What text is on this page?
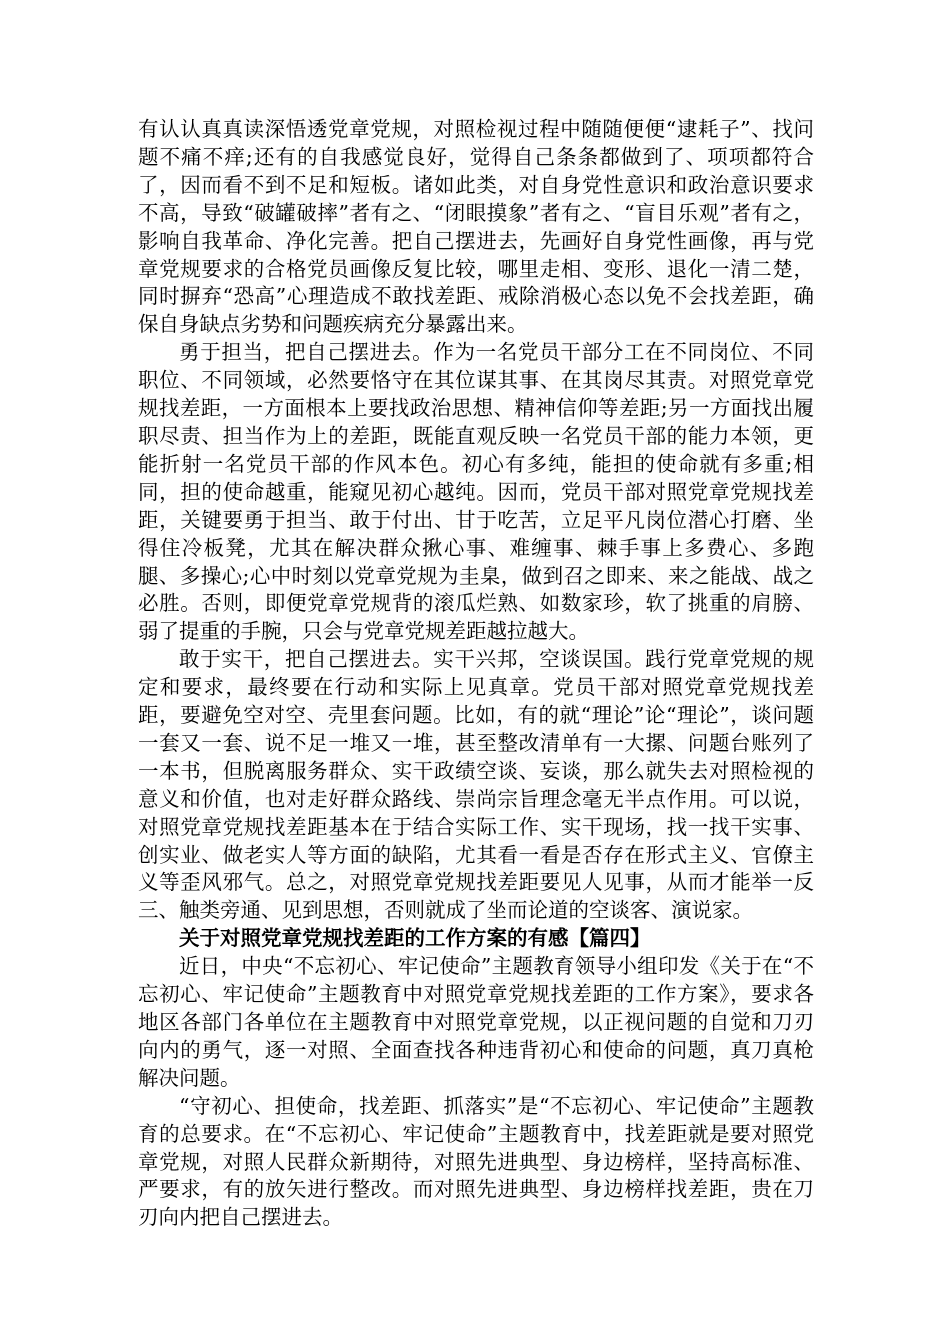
有认认真真读深悟透党章党规，对照检视过程中随随便便“逮耗子”、找问题不痛不痒;还有的自我感觉良好，觉得自己条条都做到了、项项都符合了，因而看不到不足和短板。诸如此类，对自身党性意识和政治意识要求不高，导致“破罐破摔”者有之、“闭眼摸象”者有之、“盲目乐观”者有之，影响自我革命、净化完善。把自己摆进去，先画好自身党性画像，再与党章党规要求的合格党员画像反复比较，哪里走相、变形、退化一清二楚，同时摒弃“恐高”心理造成不敢找差距、戒除消极心态以免不会找差距，确保自身缺点劣势和问题疾病充分暴露出来。

勇于担当，把自己摆进去。作为一名党员干部分工在不同岗位、不同职位、不同领域，必然要恪守在其位谋其事、在其岗尽其责。对照党章党规找差距，一方面根本上要找政治思想、精神信仰等差距;另一方面找出履职尽责、担当作为上的差距，既能直观反映一名党员干部的能力本领，更能折射一名党员干部的作风本色。初心有多纯，能担的使命就有多重;相同，担的使命越重，能窥见初心越纯。因而，党员干部对照党章党规找差距，关键要勇于担当、敢于付出、甘于吃苦，立足平凡岗位潜心打磨、坐得住冷板凳，尤其在解决群众揪心事、难缠事、棘手事上多费心、多跑腿、多操心;心中时刻以党章党规为圭臬，做到召之即来、来之能战、战之必胜。否则，即便党章党规背的滚瓜烂熟、如数家珍，软了挑重的肩膀、弱了提重的手腕，只会与党章党规差距越拉越大。

敢于实干，把自己摆进去。实干兴邦，空谈误国。践行党章党规的规定和要求，最终要在行动和实际上见真章。党员干部对照党章党规找差距，要避免空对空、壳里套问题。比如，有的就“理论”论“理论”，谈问题一套又一套、说不足一堆又一堆，甚至整改清单有一大摞、问题台账列了一本书，但脱离服务群众、实干政绩空谈、妄谈，那么就失去对照检视的意义和价值，也对走好群众路线、崇尚宗旨理念毫无半点作用。可以说，对照党章党规找差距基本在于结合实际工作、实干现场，找一找干实事、创实业、做老实人等方面的缺陷，尤其看一看是否存在形式主义、官僚主义等歪风邪气。总之，对照党章党规找差距要见人见事，从而才能举一反三、触类旁通、见到思想，否则就成了坐而论道的空谈客、演说家。

关于对照党章党规找差距的工作方案的有感【篇四】

近日，中央“不忘初心、牢记使命”主题教育领导小组印发《关于在“不忘初心、牢记使命”主题教育中对照党章党规找差距的工作方案》，要求各地区各部门各单位在主题教育中对照党章党规，以正视问题的自觉和刀刃向内的勇气，逐一对照、全面查找各种违背初心和使命的问题，真刀真枪解决问题。

“守初心、担使命，找差距、抓落实”是“不忘初心、牢记使命”主题教育的总要求。在“不忘初心、牢记使命”主题教育中，找差距就是要对照党章党规，对照人民群众新期待，对照先进典型、身边榜样，坚持高标准、严要求，有的放矢进行整改。而对照先进典型、身边榜样找差距，贵在刀刃向内把自己摆进去。
